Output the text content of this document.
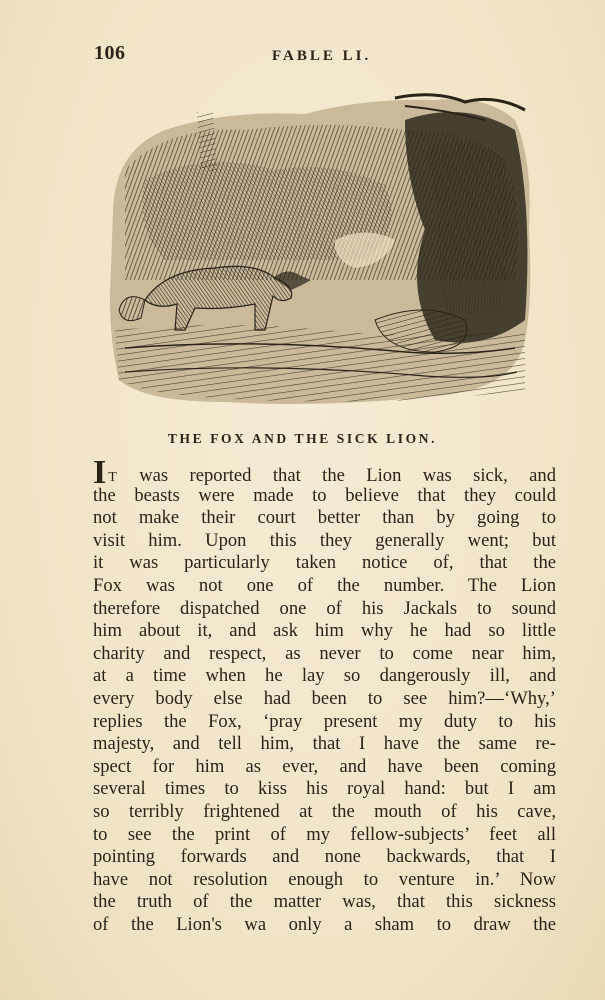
106	FABLE LI.
THE FOX AND THE SICK LION.
I T was reported that the Lion was sick, and
the beasts were made to believe that they could
not make their court better than by going to
visit him. Upon this they generally went; but
it was particularly taken notice of, that the
Fox was not one of the number. The Lion
therefore dispatched one of his Jackals to sound
him about it, and ask him why he had so little
charity and respect, as never to come near him,
at a time when he lay so dangerously ill, and
every body else had been to see him?—‘Why,’
replies the Fox, ‘pray present my duty to his
majesty, and tell him, that I have the same re-
spect for him as ever, and have been coming
several times to kiss his royal hand: but I am
so terribly frightened at the mouth of his cave,
to see the print of my fellow-subjects’ feet all
pointing forwards and none backwards, that I
have not resolution enough to venture in.’ Now
the truth of the matter was, that this sickness
of the Lion's wa only a sham to draw the
